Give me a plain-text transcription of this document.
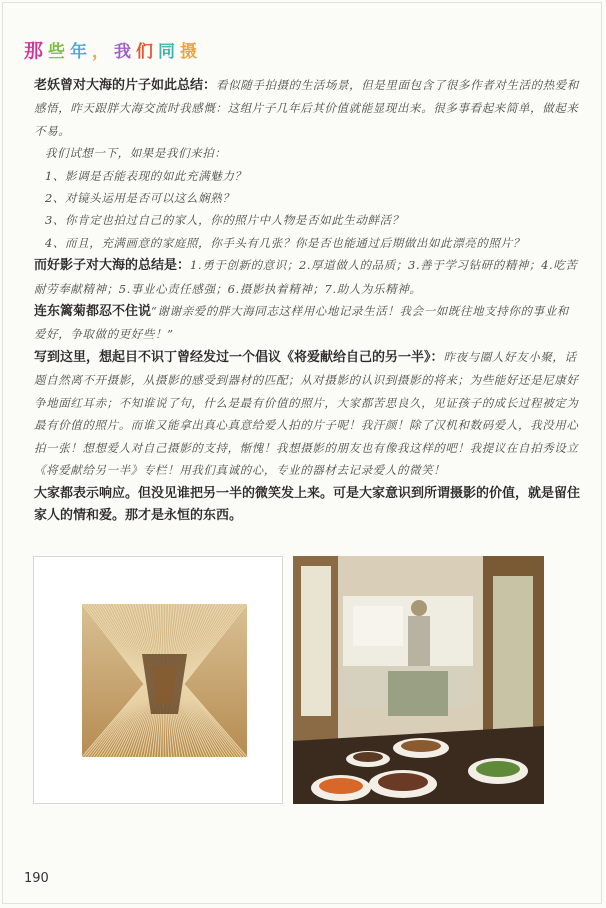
那 些 年 ， 我 们 同 摄

老妖曾对大海的片子如此总结：看似随手拍摄的生活场景，但是里面包含了很多作者对生活的热爱和感悟，昨天跟胖大海交流时我感慨：这组片子几年后其价值就能显现出来。很多事看起来简单，做起来不易。

我们试想一下，如果是我们来拍：

1、影调是否能表现的如此充满魅力？

2、对镜头运用是否可以这么娴熟？

3、你肯定也拍过自己的家人，你的照片中人物是否如此生动鲜活？

4、而且，充满画意的家庭照，你手头有几张？你是否也能通过后期做出如此漂亮的照片？

而好影子对大海的总结是：1.勇于创新的意识；2.厚道做人的品质；3.善于学习钻研的精神；4.吃苦耐劳奉献精神；5.事业心责任感强；6.摄影执着精神；7.助人为乐精神。

连东篱菊都忍不住说“谢谢亲爱的胖大海同志这样用心地记录生活！我会一如既往地支持你的事业和爱好，争取做的更好些！”

写到这里，想起目不识丁曾经发过一个倡议《将爱献给自己的另一半》：昨夜与圈人好友小聚，话题自然离不开摄影，从摄影的感受到器材的匹配；从对摄影的认识到摄影的将来；为些能好还是尼康好争地面红耳赤；不知谁说了句，什么是最有价值的照片，大家都苦思良久，见证孩子的成长过程被定为最有价值的照片。而谁又能拿出真心真意给爱人拍的片子呢！我汗颜！除了汉机和数码爱人，我没用心拍一张！想想爱人对自己摄影的支持，惭愧！我想摄影的朋友也有像我这样的吧！我提议在自拍秀设立《将爱献给另一半》专栏！用我们真诚的心，专业的器材去记录爱人的微笑！

大家都表示响应。但没见谁把另一半的微笑发上来。可是大家意识到所谓摄影的价值，就是留住家人的情和爱。那才是永恒的东西。

paul photography
190
